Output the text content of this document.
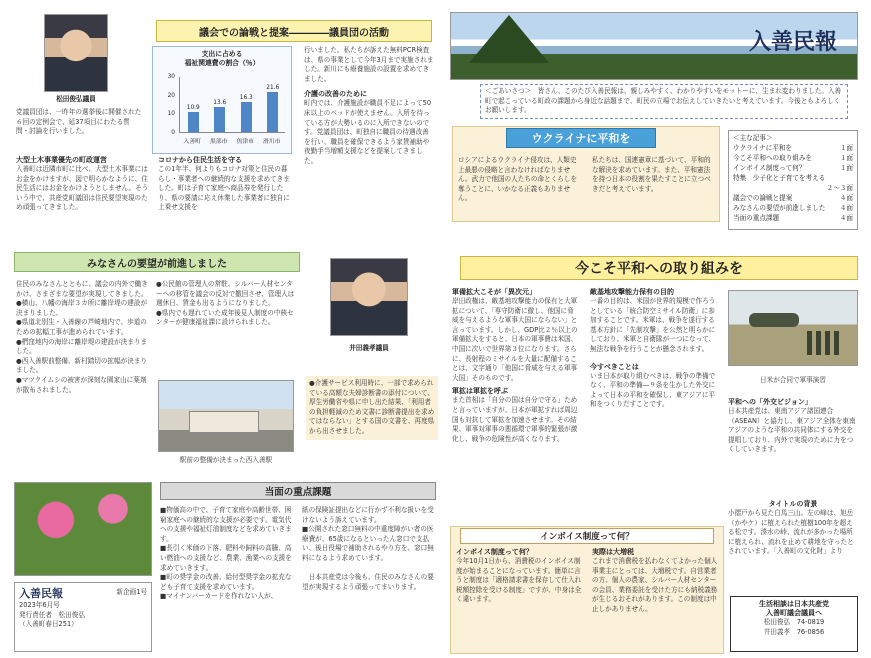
松田俊弘議員
党議員団は、一昨年の選挙後に開催された６回の定例会で、延37項目にわたる質問・討論を行いました。
議会での論戦と提案――――議員団の活動
支出に占める
福祉関連費の割合（％）
10.9
13.6
16.3
21.6
0
10
20
30
入善町	黒部市	魚津市	滑川市
大型土木事業優先の町政運営
入善町は近隣市町に比べ、大型土木事業にはお金をかけますが、図で明らかなように、住民生活にはお金をかけようとしません。そういう中で、共産党町議団は住民要望実現のため頑張ってきました。
コロナから住民生活を守る
この1年半、何よりもコロナ対策と住民の暮らし・事業者への継続的な支援を求めてきました。町は子育て家庭へ商品券を発行したり、県の要請に応え休業した事業者に独自に上乗せ支援を
行いました。私たちが訴えた無料PCR検査は、県の事業として今年3月まで実施されました。新川にも療養施設の設置を求めてきました。
介護の改善のために
町内では、介護施設が職員不足によって50床以上のベッドが使えません。入所を待っている方が大勢いるのに入所できないのです。党議員団は、町独自に職員の待遇改善を行い、職員を確保できるよう家賃補助や夜勤手当増額支援などを提案してきました。
入善民報
＜ごあいさつ＞　皆さん、このたび入善民報は、親しみやすく、わかりやすいをモットーに、生まれ変わりました。入善町で起こっている町政の課題から身近な話題まで、町民の立場でお伝えしていきたいと考えています。今後ともよろしくお願いします。
ウクライナに平和を
ロシアによるウクライナ侵攻は、人類史上最悪の侵略と言わなければなりません。武力で他国の人たちの命とくらしを奪うことに、いかなる正義もありません。
私たちは、国連憲章に基づいて、平和的な解決を求めています。また、平和憲法を持つ日本の役割を果たすことに立つべきだと考えています。
＜主な記事＞
ウクライナに平和を	１面
今こそ平和への取り組みを	１面
インボイス制度って何？	１面
特集　少子化と子育てを考える
２～３面
議会での論戦と提案	４面
みなさんの要望が前進しました ４面
当面の重点課題	４面
みなさんの要望が前進しました
住民のみなさんとともに、議会の内外で働きかけ、さまざまな要望が実現してきました。
●横山、八幡の海岸３カ所に離岸堤の建設が決まりました。
●県道北別生・入善線の芦崎地内で、歩道のための拡幅工事が進められています。
●椚窪地内の海岸に離岸堤の建設が決まりました。
●西入善駅前整備、新村踏切の拡幅が決まりました。
●マツクイムシの被害が深刻な園家山に薬剤が散布されました。
●公民館の管理人の常駐、シルバー人材センターへの移管を議会の反対で撤回させ、管理人は週休日、賃金も出るようになりました。
●県内でも遅れていた成年後見人制度の中核センターが健康福祉課に設けられました。
駅前の整備が決まった西入善駅
井田義孝議員
●介護サービス利用時に、一部で求められている高額な夫婦診断書の添付について、厚生労働省や県に申し出た結果、「利用者の負担軽減のため文書に診断書提出を求めてはならない」とする国の文書を、再度県から出させました。
今こそ平和への取り組みを
軍備拡大こそが「異次元」
岸田政権は、敵基地攻撃能力の保有と大軍拡について、「専守防衛に徹し、他国に脅威を与えるような軍事大国にならない」と言っています。しかし、GDP比２％以上の軍備拡大をすると、日本の軍事費は米国、中国に次いで世界第３位になります。さらに、長射程のミサイルを大量に配備することは、文字通り「他国に脅威を与える軍事大国」そのものです。
軍拡は軍拡を呼ぶ
また首相は「自分の国は自分で守る」ためと言っていますが、日本が軍拡すれば周辺国も対抗して軍拡を加速させます。その結果、軍事対軍事の悪循環で軍事的緊張が激化し、戦争の危険性が高くなります。
敵基地攻撃能力保有の目的
一番の目的は、米国が世界的規模で作ろうとしている「統合防空ミサイル防衛」に参加することです。米軍は、戦争を遂行する基本方針に「先制攻撃」を公然と明らかにしており、米軍と自衛隊が一つになって、無法な戦争を行うことが懸念されます。
今すべきことは
いま日本が取り組むべきは、戦争の準備でなく、平和の準備―９条を生かした外交によって日本の平和を確保し、東アジアに平和をつくりだすことです。
日米が合同で軍事演習
平和への「外交ビジョン」
日本共産党は、東南アジア諸国連合（ASEAN）と協力し、東アジア全体を東南アジアのような平和の共同体にする外交を提唱しており、内外で実現のために力をつくしていきます。
入善民報	新企画1号
2023年6月号
発行責任者　松田俊弘
（入善町春日251）
当面の重点課題
■物価高の中で、子育て家庭や高齢世帯、困窮家庭への継続的な支援が必要です。電気代への支援や福祉灯油制度などを求めていきます。
■長引く米価の下落、肥料や飼料の高騰、高い燃油への支援など、農業、漁業への支援を求めていきます。
■町の奨学金の改善、給付型奨学金の拡充なども子育て支援を求めています。
■マイナンバーカードを作れない人が、
紙の保険証提出などに行かず不利な扱いを受けないよう訴えています。
■公開された窓口無料の中重度障がい者の医療費が、65歳になるといったん窓口で支払い、後日役場で補助されるやり方を、窓口無料になるよう求めています。

　日本共産党は今後も、住民のみなさんの要望が実現するよう頑張ってまいります。
インボイス制度って何？
インボイス制度って何？
今年10月1日から、消費税のインボイス制度が始まることになっています。簡単に言うと制度は「適格請求書を保存して仕入れ税額控除を受ける制度」ですが、中身は全く違います。
実際は大増税
これまで消費税を払わなくてよかった個人事業主にとっては、大増税です。自営業者の方、個人の農家、シルバー人材センターの会員、業務委託を受けた方にも納税義務が生じるおそれがあります。この制度は中止しかありません。
タイトルの背景
小摺戸から見た白馬三山。左の峰は、旭岳（かやケ）に植えられた植樹100年を超える松です。湊水の峠、流れが多かった場所に植えられ、流れを止めて耕地を守ったとされています。「入善町の文化財」より
生活相談は日本共産党
入善町議会議員へ
松田俊弘　74-0819
井田義孝　76-0856
